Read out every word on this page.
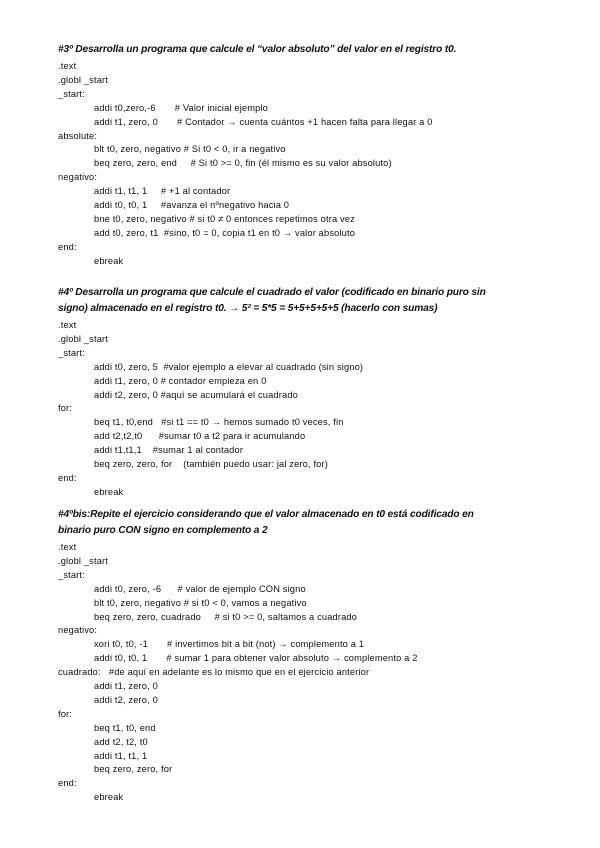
#3º Desarrolla un programa que calcule el “valor absoluto” del valor en el registro t0.
.text
.globl _start
_start:
addi t0,zero,-6       # Valor inicial ejemplo
addi t1, zero, 0       # Contador → cuenta cuántos +1 hacen falta para llegar a 0
absolute:
blt t0, zero, negativo # Si t0 < 0, ir a negativo
beq zero, zero, end     # Si t0 >= 0, fin (él mismo es su valor absoluto)
negativo:
addi t1, t1, 1     # +1 al contador
addi t0, t0, 1     #avanza el nºnegativo hacia 0
bne t0, zero, negativo # si t0 ≠ 0 entonces repetimos otra vez
add t0, zero, t1  #sino, t0 = 0, copia t1 en t0 → valor absoluto
end:
ebreak
#4º Desarrolla un programa que calcule el cuadrado el valor (codificado en binario puro sin
signo) almacenado en el registro t0. → 5² = 5*5 = 5+5+5+5+5 (hacerlo con sumas)
.text
.globl _start
_start:
addi t0, zero, 5  #valor ejemplo a elevar al cuadrado (sin signo)
addi t1, zero, 0 # contador empieza en 0
addi t2, zero, 0 #aquí se acumulará el cuadrado
for:
beq t1, t0,end   #si t1 == t0 → hemos sumado t0 veces, fin
add t2,t2,t0      #sumar t0 a t2 para ir acumulando
addi t1,t1,1    #sumar 1 al contador
beq zero, zero, for    (también puedo usar: jal zero, for)
end:
ebreak
#4ºbis:Repite el ejercicio considerando que el valor almacenado en t0 está codificado en
binario puro CON signo en complemento a 2
.text
.globl _start
_start:
addi t0, zero, -6      # valor de ejemplo CON signo
blt t0, zero, negativo # si t0 < 0, vamos a negativo
beq zero, zero, cuadrado     # si t0 >= 0, saltamos a cuadrado
negativo:
xori t0, t0, -1       # invertimos bit a bit (not) → complemento a 1
addi t0, t0, 1       # sumar 1 para obtener valor absoluto → complemento a 2
cuadrado:   #de aquí en adelante es lo mismo que en el ejercicio anterior
addi t1, zero, 0
addi t2, zero, 0
for:
beq t1, t0, end
add t2, t2, t0
addi t1, t1, 1
beq zero, zero, for
end:
ebreak
